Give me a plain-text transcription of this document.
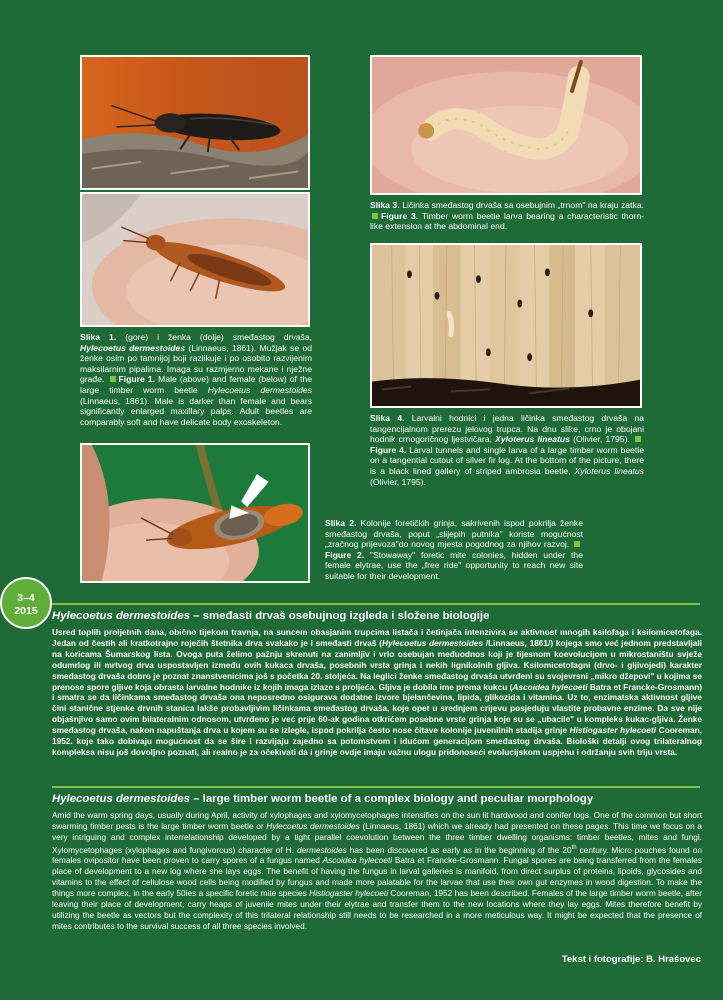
Slika 1. (gore) i ženka (dolje) smeđastog drvaša, Hylecoetus dermestoides (Linnaeus, 1861). Mužjak se od ženke osim po tamnijoj boji razlikuje i po osobito razvijenim maksilarnim pipalima. Imaga su razmjerno mekane i nježne građe. Figure 1. Male (above) and female (below) of the large timber worm beetle Hylecoetus dermestoides (Linnaeus, 1861). Male is darker than female and bears significantly enlarged maxillary palps. Adult beetles are comparably soft and have delicate body exoskeleton.
Slika 3. Ličinka smeđastog drvaša sa osebujnim „trnom" na kraju zatka. Figure 3. Timber worm beetle larva bearing a characteristic thorn-like extension at the abdominal end.
Slika 4. Larvalni hodnici i jedna ličinka smeđastog drvaša na tangencijalnom prerezu jelovog trupca. Na dnu slike, crno je obojani hodnik crnogoričnog ljestvičara, Xyloterus lineatus (Olivier, 1795). Figure 4. Larval tunnels and single larva of a large timber worm beetle on a tangential cutout of silver fir log. At the bottom of the picture, there is a black lined gallery of striped ambrosia beetle, Xyloterus lineatus (Olivier, 1795).
Slika 2. Kolonije foretičkih grinja, sakrivenih ispod pokrilja ženke smeđastog drvaša, poput „slijepih putnika" koriste mogućnost „zračnog prijevoza"do novog mjesta pogodnog za njihov razvoj. Figure 2. "Stowaway" foretic mite colonies, hidden under the female elytrae, use the „free ride" opportunity to reach new site suitable for their development.
3–4
2015	Hylecoetus dermestoides – smeđasti drvaš osebujnog izgleda i složene biologije
Usred toplih proljetnih dana, obično tijekom travnja, na suncem obasjanim trupcima listača i četinjača intenzivira se aktivnost mnogih ksilofaga i ksilomicetofaga. Jedan od čestih ali kratkotrajno roječih štetnika drva svakako je i smeđasti drvaš (Hylecoetus dermestoides /Linnaeus, 1861/) kojega smo već jednom predstavljali na koricama Šumarskog lista. Ovoga puta želimo pažnju skrenuti na zanimljiv i vrlo osebujan međuodnos koji je tijesnom koevolucijom u mikrostaništu svježe odumrlog ili mrtvog drva uspostavljen između ovih kukaca drvaša, posebnih vrsta grinja i nekih lignikolnih gljiva. Ksilomicetofagni (drvo- i gljivojedi) karakter smeđastog drvaša dobro je poznat znanstvenicima još s početka 20. stoljeća. Na leglici ženke smeđastog drvaša utvrđeni su svojevrsni „mikro džepovi" u kojima se prenose spore gljive koja obrasta larvalne hodnike iz kojih imaga izlaze s proljeća. Gljiva je dobila ime prema kukcu (Ascoidea hylecoeti Batra et Francke-Grosmann) i smatra se da ličinkama smeđastog drvaša ona neposredno osigurava dodatne izvore bjelančevina, lipida, glikozida i vitamina. Uz to, enzimatska aktivnost gljive čini stanične stjenke drvnih stanica lakše probavljivim ličinkama smeđastog drvaša, koje opet u srednjem crijevu posjeduju vlastite probavne enzime. Da sve nije objašnjivo samo ovim bilateralnim odnosom, utvrđeno je već prije 60-ak godina otkrićem posebne vrste grinja koje su se „ubacile" u kompleks kukac-gljiva. Ženke smeđastog drvaša, nakon napuštanja drva u kojem su se izlegle, ispod pokrilja često nose čitave kolonije juvenilnih stadija grinje Histiogaster hylecoeti Cooreman, 1952. koje tako dobivaju mogućnost da se šire i razvijaju zajedno sa potomstvom i idućom generacijom smeđastog drvaša. Biološki detalji ovog trilateralnog kompleksa nisu još dovoljno poznati, ali realno je za očekivati da i grinje ovdje imaju važnu ulogu pridonoseći evolucijskom uspjehu i održanju svih triju vrsta.
Hylecoetus dermestoides – large timber worm beetle of a complex biology and peculiar morphology
Amid the warm spring days, usually during April, activity of xylophages and xylomycetophages intensifies on the sun lit hardwood and conifer logs. One of the common but short swarming timber pests is the large timber worm beetle or Hylecoetus dermestoides (Linnaeus, 1861) which we already had presented on these pages. This time we focus on a very intriguing and complex interrelationship developed by a tight parallel coevolution between the three timber dwelling organisms: timber beetles, mites and fungi. Xylomycetophages (xylophages and fungivorous) character of H. dermestoides has been discovered as early as in the beginning of the 20th century. Micro pouches found on females ovipositor have been proven to carry spores of a fungus named Ascoidea hylecoeti Batra et Francke-Grosmann. Fungal spores are being transferred from the females place of development to a new log where she lays eggs. The benefit of having the fungus in larval galleries is manifold, from direct surplus of proteins, lipoids, glycosides and vitamins to the effect of cellulose wood cells being modified by fungus and made more palatable for the larvae that use their own gut enzymes in wood digestion. To make the things more complex, in the early 50ies a specific foretic mite species Histiogaster hylecoeti Cooreman, 1952 has been described. Females of the large timber worm beetle, after leaving their place of development, carry heaps of juvenile mites under their elytrae and transfer them to the new locations where they lay eggs. Mites therefore benefit by utilizing the beetle as vectors but the complexity of this trilateral relationship still needs to be researched in a more meticulous way. It might be expected that the presence of mites contributes to the survival success of all three species involved.
Tekst i fotografije: B. Hrašovec
